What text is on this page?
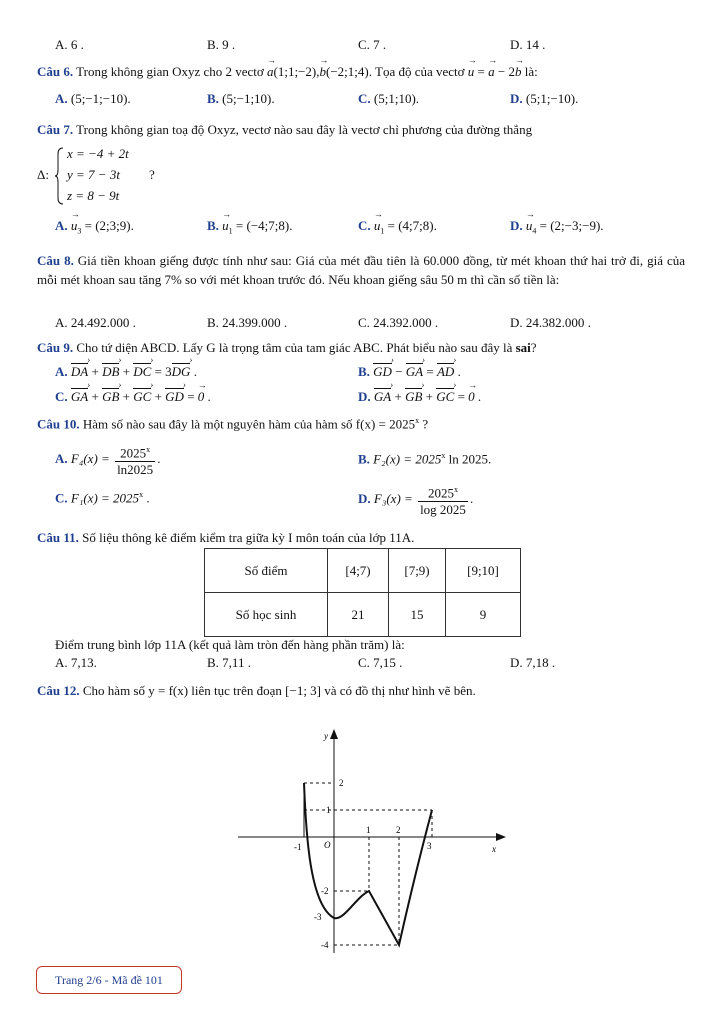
A. 6 .	B. 9 .	C. 7 .	D. 14 .
Câu 6. Trong không gian Oxyz cho 2 vectơ → a(1;1;−2),→ b(−2;1;4). Tọa độ của vectơ → u = → a − 2→ b là:
A. (5;−1;−10).	B. (5;−1;10).	C. (5;1;10).	D. (5;1;−10).
Câu 7. Trong không gian toạ độ Oxyz, vectơ nào sau đây là vectơ chỉ phương của đường thẳng
Δ:
x = −4 + 2t
y = 7 − 3t
z = 8 − 9t
?
A. → $u_3$ = (2;3;9).	B. → $u_1$ = (−4;7;8).	C. → $u_1$ = (4;7;8).	D. → $u_4$ = (2;−3;−9).
Câu 8. Giá tiền khoan giếng được tính như sau: Giá của mét đầu tiên là 60.000 đồng, từ mét khoan thứ hai trở đi, giá của mỗi mét khoan sau tăng 7% so với mét khoan trước đó. Nếu khoan giếng sâu 50 m thì cần số tiền là:
A. 24.492.000 .	B. 24.399.000 .	C. 24.392.000 .	D. 24.382.000 .
Câu 9. Cho tứ diện ABCD. Lấy G là trọng tâm của tam giác ABC. Phát biểu nào sau đây là sai?
A. DA › + DB › + DC › = 3DG › .	B. GD › − GA › = AD › .
C. GA › + GB › + GC › + GD › = → 0 .	D. GA › + GB › + GC › = → 0 .
Câu 10. Hàm số nào sau đây là một nguyên hàm của hàm số $f(x) = 2025^x$ ?
A. $F_4(x) = \frac{2025^x}{\ln 2025}$ .	B. $F_2(x) = 2025^x$ ln 2025.
C. $F_1(x) = 2025^x$ .	D. $F_3(x) = \frac{2025^x}{\log 2025}$ .
Câu 11. Số liệu thông kê điểm kiểm tra giữa kỳ I môn toán của lớp 11A.
Số điểm	[4;7)	[7;9)	[9;10]
Số học sinh	21	15	9
Điểm trung bình lớp 11A (kết quả làm tròn đến hàng phần trăm) là:
A. 7,13.	B. 7,11 .	C. 7,15 .	D. 7,18 .
Câu 12. Cho hàm số y = f(x) liên tục trên đoạn [−1; 3] và có đồ thị như hình vẽ bên.
y
x
O
-1
1	2
3
2
1
-2
-3
-4
Trang 2/6 - Mã đề 101
